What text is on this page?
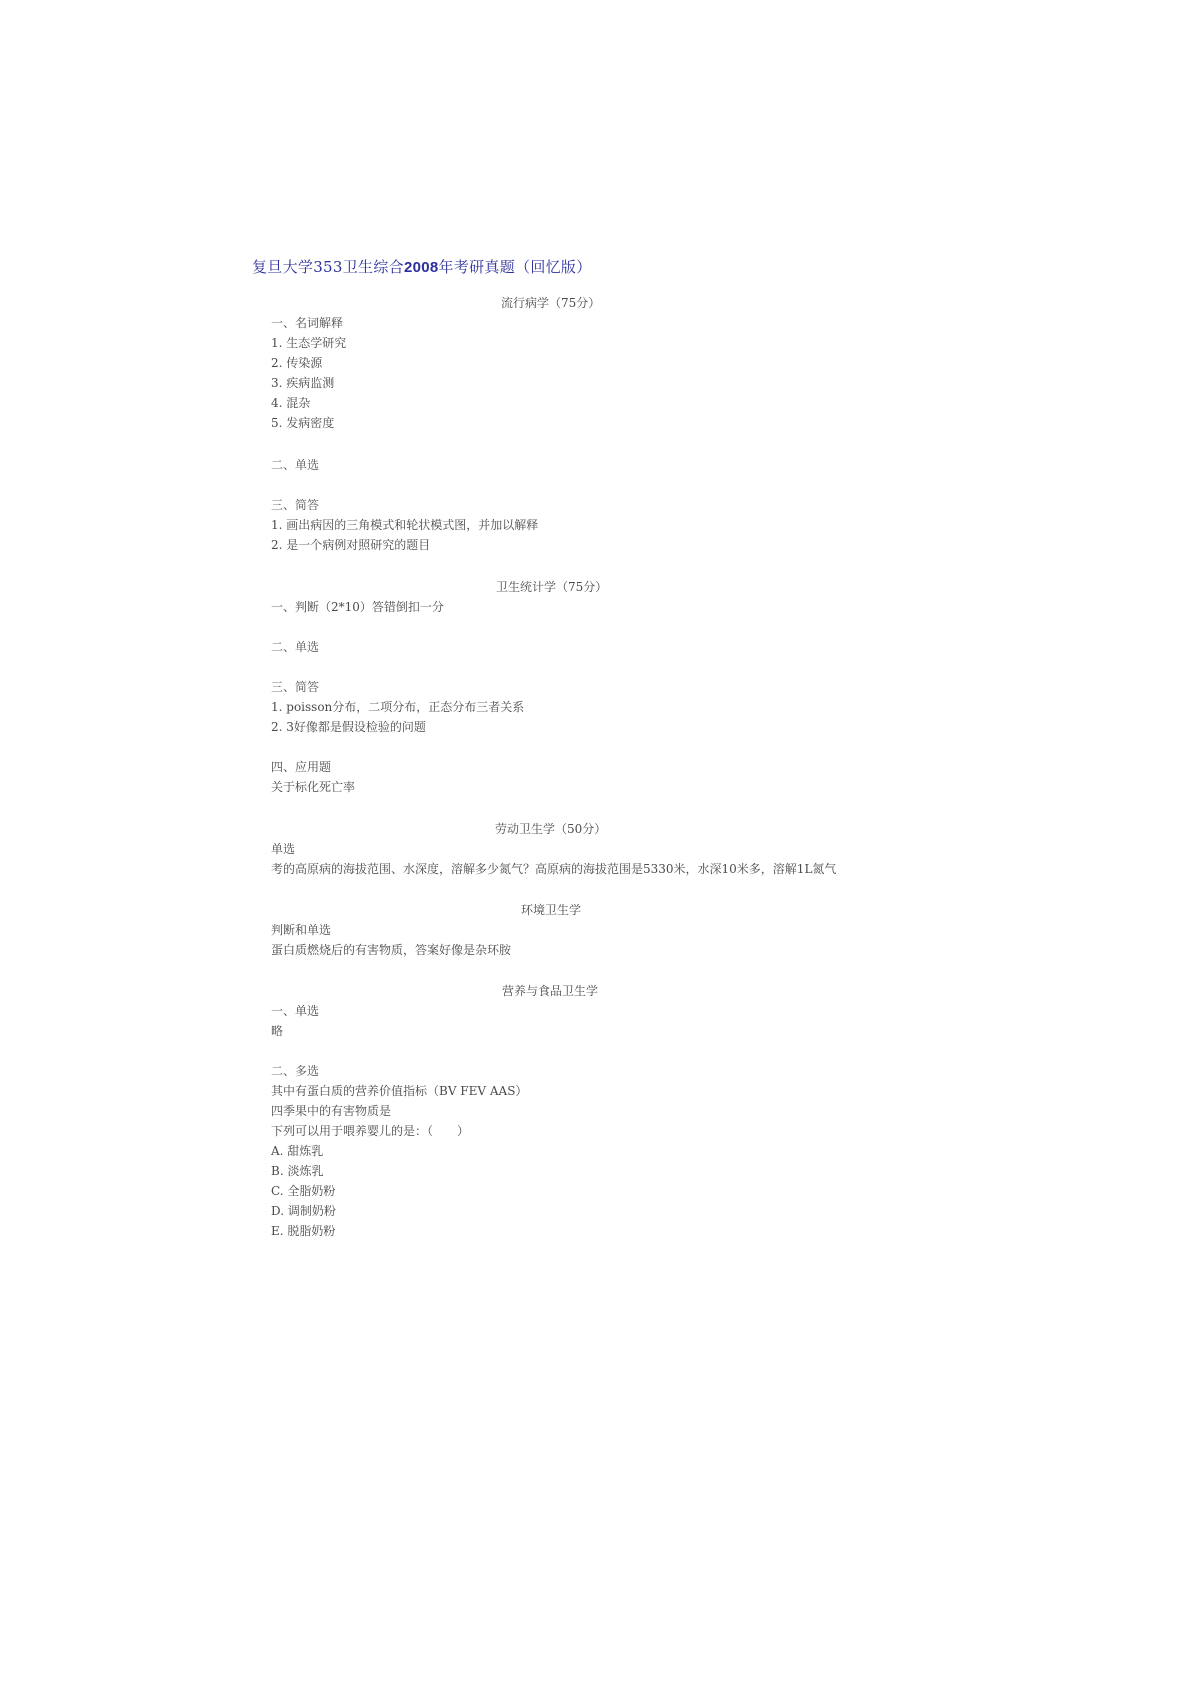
复旦大学353卫生综合2008年考研真题（回忆版）
流行病学（75分）
一、名词解释
1. 生态学研究
2. 传染源
3. 疾病监测
4. 混杂
5. 发病密度
二、单选
三、简答
1. 画出病因的三角模式和轮状模式图，并加以解释
2. 是一个病例对照研究的题目
卫生统计学（75分）
一、判断（2*10）答错倒扣一分
二、单选
三、简答
1. poisson分布，二项分布，正态分布三者关系
2. 3好像都是假设检验的问题
四、应用题
关于标化死亡率
劳动卫生学（50分）
单选
考的高原病的海拔范围、水深度，溶解多少氮气？高原病的海拔范围是5330米，水深10米多，溶解1L氮气
环境卫生学
判断和单选
蛋白质燃烧后的有害物质，答案好像是杂环胺
营养与食品卫生学
一、单选
略
二、多选
其中有蛋白质的营养价值指标（BV FEV AAS）
四季果中的有害物质是
下列可以用于喂养婴儿的是：（　　）
A. 甜炼乳
B. 淡炼乳
C. 全脂奶粉
D. 调制奶粉
E. 脱脂奶粉
